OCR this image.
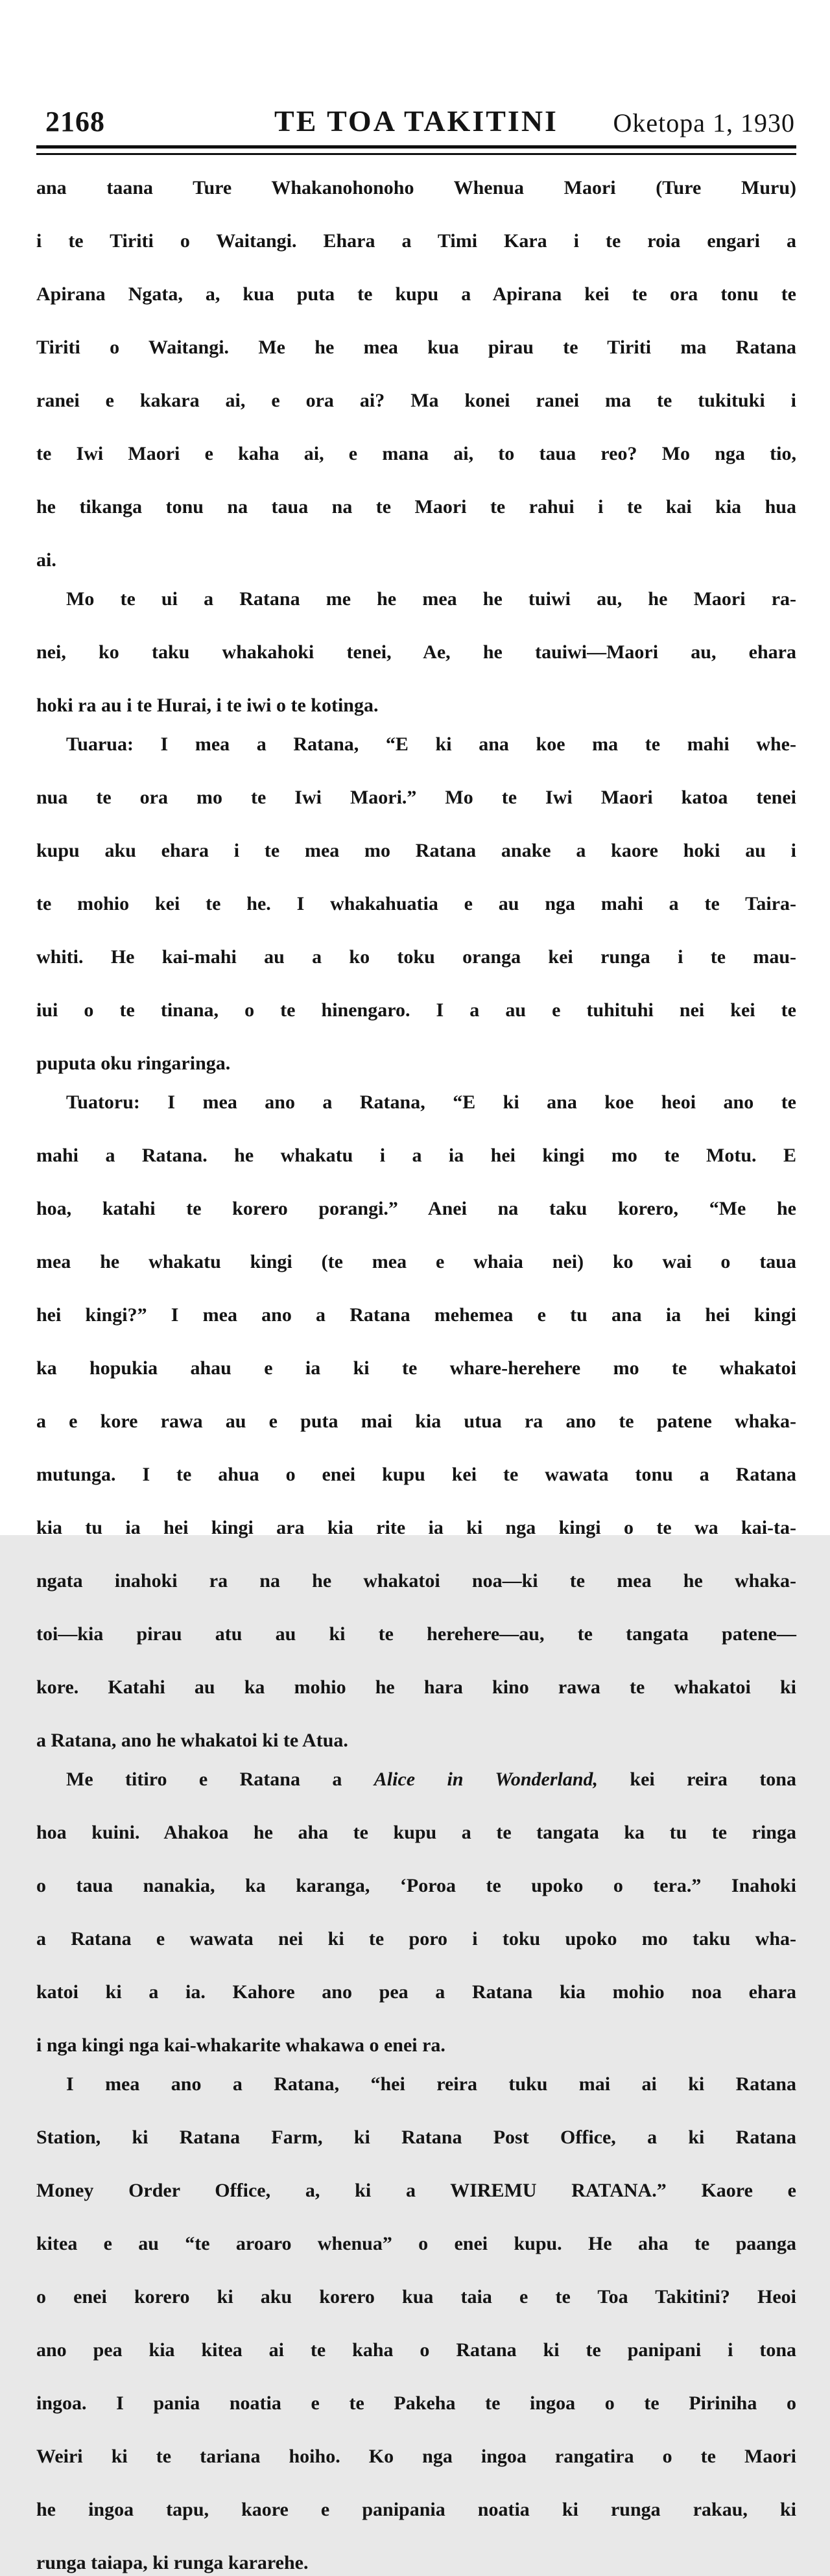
2168	TE TOA TAKITINI	Oketopa 1, 1930

ana taana Ture Whakanohonoho Whenua Maori (Ture Muru)
i te Tiriti o Waitangi. Ehara a Timi Kara i te roia engari a
Apirana Ngata, a, kua puta te kupu a Apirana kei te ora tonu te
Tiriti o Waitangi. Me he mea kua pirau te Tiriti ma Ratana
ranei e kakara ai, e ora ai? Ma konei ranei ma te tukituki i
te Iwi Maori e kaha ai, e mana ai, to taua reo? Mo nga tio,
he tikanga tonu na taua na te Maori te rahui i te kai kia hua
ai.

Mo te ui a Ratana me he mea he tuiwi au, he Maori ra-
nei, ko taku whakahoki tenei, Ae, he tauiwi—Maori au, ehara
hoki ra au i te Hurai, i te iwi o te kotinga.

Tuarua: I mea a Ratana, “E ki ana koe ma te mahi whe-
nua te ora mo te Iwi Maori.” Mo te Iwi Maori katoa tenei
kupu aku ehara i te mea mo Ratana anake a kaore hoki au i
te mohio kei te he. I whakahuatia e au nga mahi a te Taira-
whiti. He kai-mahi au a ko toku oranga kei runga i te mau-
iui o te tinana, o te hinengaro. I a au e tuhituhi nei kei te
puputa oku ringaringa.

Tuatoru: I mea ano a Ratana, “E ki ana koe heoi ano te
mahi a Ratana. he whakatu i a ia hei kingi mo te Motu. E
hoa, katahi te korero porangi.” Anei na taku korero, “Me he
mea he whakatu kingi (te mea e whaia nei) ko wai o taua
hei kingi?” I mea ano a Ratana mehemea e tu ana ia hei kingi
ka hopukia ahau e ia ki te whare-herehere mo te whakatoi
a e kore rawa au e puta mai kia utua ra ano te patene whaka-
mutunga. I te ahua o enei kupu kei te wawata tonu a Ratana
kia tu ia hei kingi ara kia rite ia ki nga kingi o te wa kai-ta-
ngata inahoki ra na he whakatoi noa—ki te mea he whaka-
toi—kia pirau atu au ki te herehere—au, te tangata patene—
kore. Katahi au ka mohio he hara kino rawa te whakatoi ki
a Ratana, ano he whakatoi ki te Atua.

Me titiro e Ratana a Alice in Wonderland, kei reira tona
hoa kuini. Ahakoa he aha te kupu a te tangata ka tu te ringa
o taua nanakia, ka karanga, ‘Poroa te upoko o tera.” Inahoki
a Ratana e wawata nei ki te poro i toku upoko mo taku wha-
katoi ki a ia. Kahore ano pea a Ratana kia mohio noa ehara
i nga kingi nga kai-whakarite whakawa o enei ra.

I mea ano a Ratana, “hei reira tuku mai ai ki Ratana
Station, ki Ratana Farm, ki Ratana Post Office, a ki Ratana
Money Order Office, a, ki a WIREMU RATANA.” Kaore e
kitea e au “te aroaro whenua” o enei kupu. He aha te paanga
o enei korero ki aku korero kua taia e te Toa Takitini? Heoi
ano pea kia kitea ai te kaha o Ratana ki te panipani i tona
ingoa. I pania noatia e te Pakeha te ingoa o te Piriniha o
Weiri ki te tariana hoiho. Ko nga ingoa rangatira o te Maori
he ingoa tapu, kaore e panipania noatia ki runga rakau, ki
runga taiapa, ki runga kararehe.
